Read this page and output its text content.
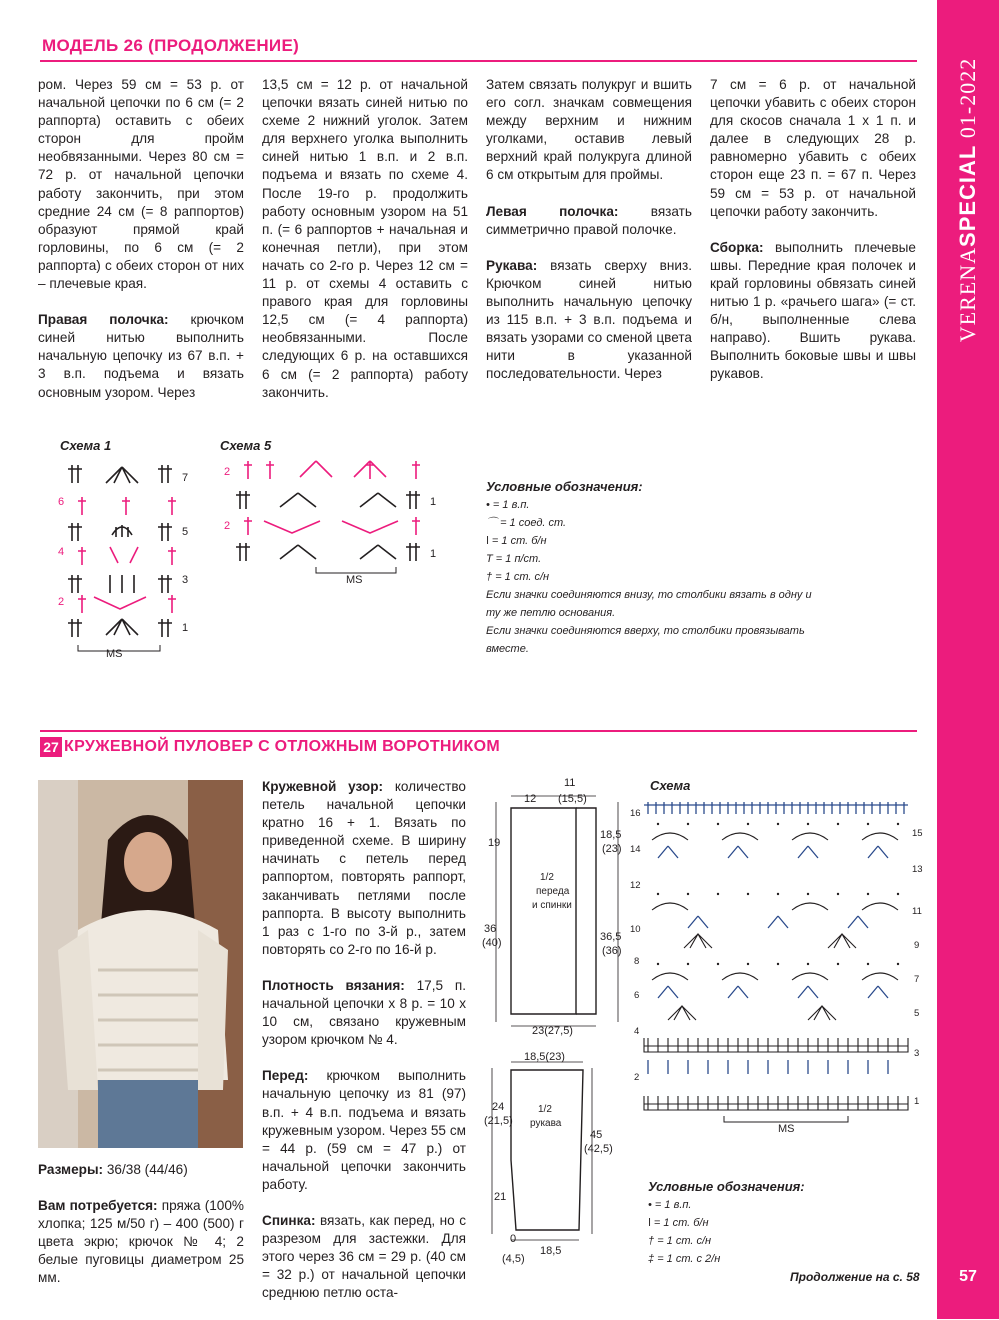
VERENASPECIAL 01-2022
57
МОДЕЛЬ 26 (ПРОДОЛЖЕНИЕ)

ром. Через 59 см = 53 р. от начальной цепочки по 6 см (= 2 раппорта) оставить с обеих сторон для пройм необвязанными. Через 80 см = 72 р. от начальной цепочки работу закончить, при этом средние 24 см (= 8 раппортов) образуют прямой край горловины, по 6 см (= 2 раппорта) с обеих сторон от них – плечевые края.

Правая полочка: крючком синей нитью выполнить начальную цепочку из 67 в.п. + 3 в.п. подъема и вязать основным узором. Через

13,5 см = 12 р. от начальной цепочки вязать синей нитью по схеме 2 нижний уголок. Затем для верхнего уголка выполнить синей нитью 1 в.п. и 2 в.п. подъема и вязать по схеме 4. После 19-го р. продолжить работу основным узором на 51 п. (= 6 раппортов + начальная и конечная петли), при этом начать со 2-го р. Через 12 см = 11 р. от схемы 4 оставить с правого края для горловины 12,5 см (= 4 раппорта) необвязанными. После следующих 6 р. на оставшихся 6 см (= 2 раппорта) работу закончить.

Затем связать полукруг и вшить его согл. значкам совмещения между верхним и нижним уголками, оставив левый верхний край полукруга длиной 6 см открытым для проймы.

Левая полочка: вязать симметрично правой полочке.

Рукава: вязать сверху вниз. Крючком синей нитью выполнить начальную цепочку из 115 в.п. + 3 в.п. подъема и вязать узорами со сменой цвета нити в указанной последовательности. Через

7 см = 6 р. от начальной цепочки убавить с обеих сторон для скосов сначала 1 х 1 п. и далее в следующих 28 р. равномерно убавить с обеих сторон еще 23 п. = 67 п. Через 59 см = 53 р. от начальной цепочки работу закончить.

Сборка: выполнить плечевые швы. Передние края полочек и край горловины обвязать синей нитью 1 р. «рачьего шага» (= ст. б/н, выполненные слева направо). Вшить рукава. Выполнить боковые швы и швы рукавов.

Схема 1
7
5
3
1
6
4
2
MS
Схема 5
2
1
2
1
MS
Условные обозначения:
• = 1 в.п.
⌒ = 1 соед. ст.
ǀ = 1 ст. б/н
T = 1 п/ст.
† = 1 ст. с/н
Если значки соединяются внизу, то столбики вязать в одну и ту же петлю основания.
Если значки соединяются вверху, то столбики провязывать вместе.
27 КРУЖЕВНОЙ ПУЛОВЕР С ОТЛОЖНЫМ ВОРОТНИКОМ

Размеры: 36/38 (44/46)

Вам потребуется: пряжа (100% хлопка; 125 м/50 г) – 400 (500) г цвета экрю; крючок № 4; 2 белые пуговицы диаметром 25 мм.

Кружевной узор: количество петель начальной цепочки кратно 16 + 1. Вязать по приведенной схеме. В ширину начинать с петель перед раппортом, повторять раппорт, заканчивать петлями после раппорта. В высоту выполнить 1 раз с 1-го по 3-й р., затем повторять со 2-го по 16-й р.

Плотность вязания: 17,5 п. начальной цепочки х 8 р. = 10 х 10 см, связано кружевным узором крючком № 4.

Перед: крючком выполнить начальную цепочку из 81 (97) в.п. + 4 в.п. подъема и вязать кружевным узором. Через 55 см = 44 р. (59 см = 47 р.) от начальной цепочки закончить работу.

Спинка: вязать, как перед, но с разрезом для застежки. Для этого через 36 см = 29 р. (40 см = 32 р.) от начальной цепочки среднюю петлю оста-

11
(15,5)
12
19
36
(40)
18,5
(23)
36,5
(36)
23(27,5)
1/2
переда
и спинки
18,5(23)
24
(21,5)
21
45
(42,5)
0
(4,5)
18,5
1/2
рукава
Схема
16
14
12
10
8
6
4
2
15
13
11
9
7
5
3
1
MS
Условные обозначения:
• = 1 в.п.
ǀ = 1 ст. б/н
† = 1 ст. с/н
‡ = 1 ст. с 2/н
Продолжение на с. 58
